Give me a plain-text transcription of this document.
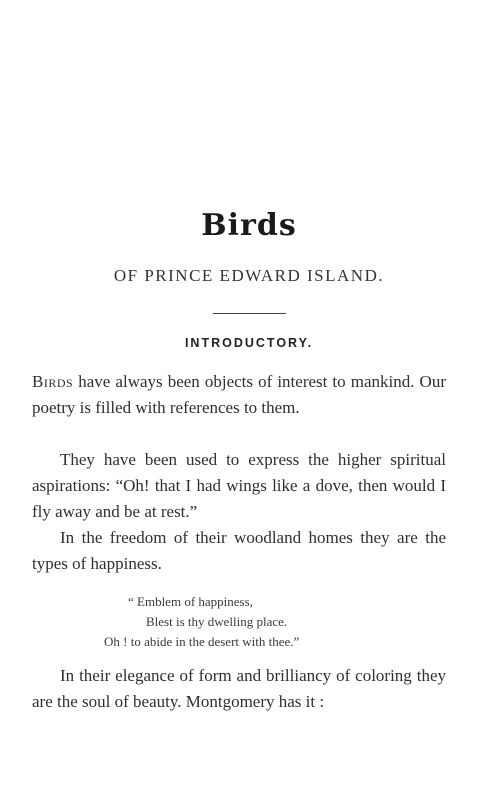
Birds
OF PRINCE EDWARD ISLAND.
INTRODUCTORY.
Birds have always been objects of interest to mankind. Our poetry is filled with references to them.
They have been used to express the higher spiritual aspirations: “Oh! that I had wings like a dove, then would I fly away and be at rest.”
In the freedom of their woodland homes they are the types of happiness.
“ Emblem of happiness,
Blest is thy dwelling place.
Oh ! to abide in the desert with thee.”
In their elegance of form and brilliancy of coloring they are the soul of beauty. Montgomery has it :
